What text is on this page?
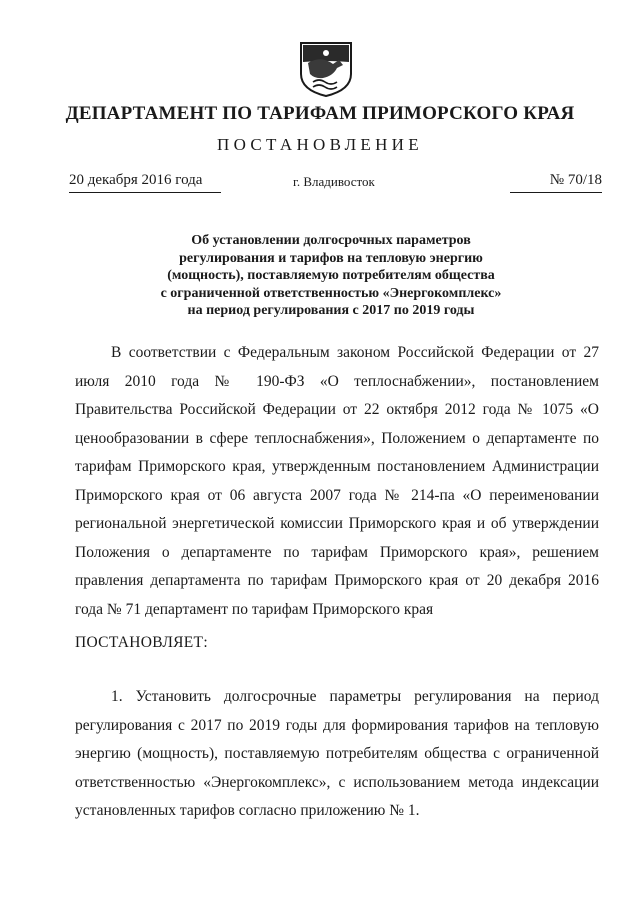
ДЕПАРТАМЕНТ ПО ТАРИФАМ ПРИМОРСКОГО КРАЯ
ПОСТАНОВЛЕНИЕ
20 декабря 2016 года	г. Владивосток	№ 70/18
Об установлении долгосрочных параметров
регулирования и тарифов на тепловую энергию
(мощность), поставляемую потребителям общества
с ограниченной ответственностью «Энергокомплекс»
на период регулирования с 2017 по 2019 годы
В соответствии с Федеральным законом Российской Федерации от 27 июля 2010 года № 190-ФЗ «О теплоснабжении», постановлением Правительства Российской Федерации от 22 октября 2012 года № 1075 «О ценообразовании в сфере теплоснабжения», Положением о департаменте по тарифам Приморского края, утвержденным постановлением Администрации Приморского края от 06 августа 2007 года № 214-па «О переименовании региональной энергетической комиссии Приморского края и об утверждении Положения о департаменте по тарифам Приморского края», решением правления департамента по тарифам Приморского края от 20 декабря 2016 года № 71 департамент по тарифам Приморского края
ПОСТАНОВЛЯЕТ:
1. Установить долгосрочные параметры регулирования на период регулирования с 2017 по 2019 годы для формирования тарифов на тепловую энергию (мощность), поставляемую потребителям общества с ограниченной ответственностью «Энергокомплекс», с использованием метода индексации установленных тарифов согласно приложению № 1.
